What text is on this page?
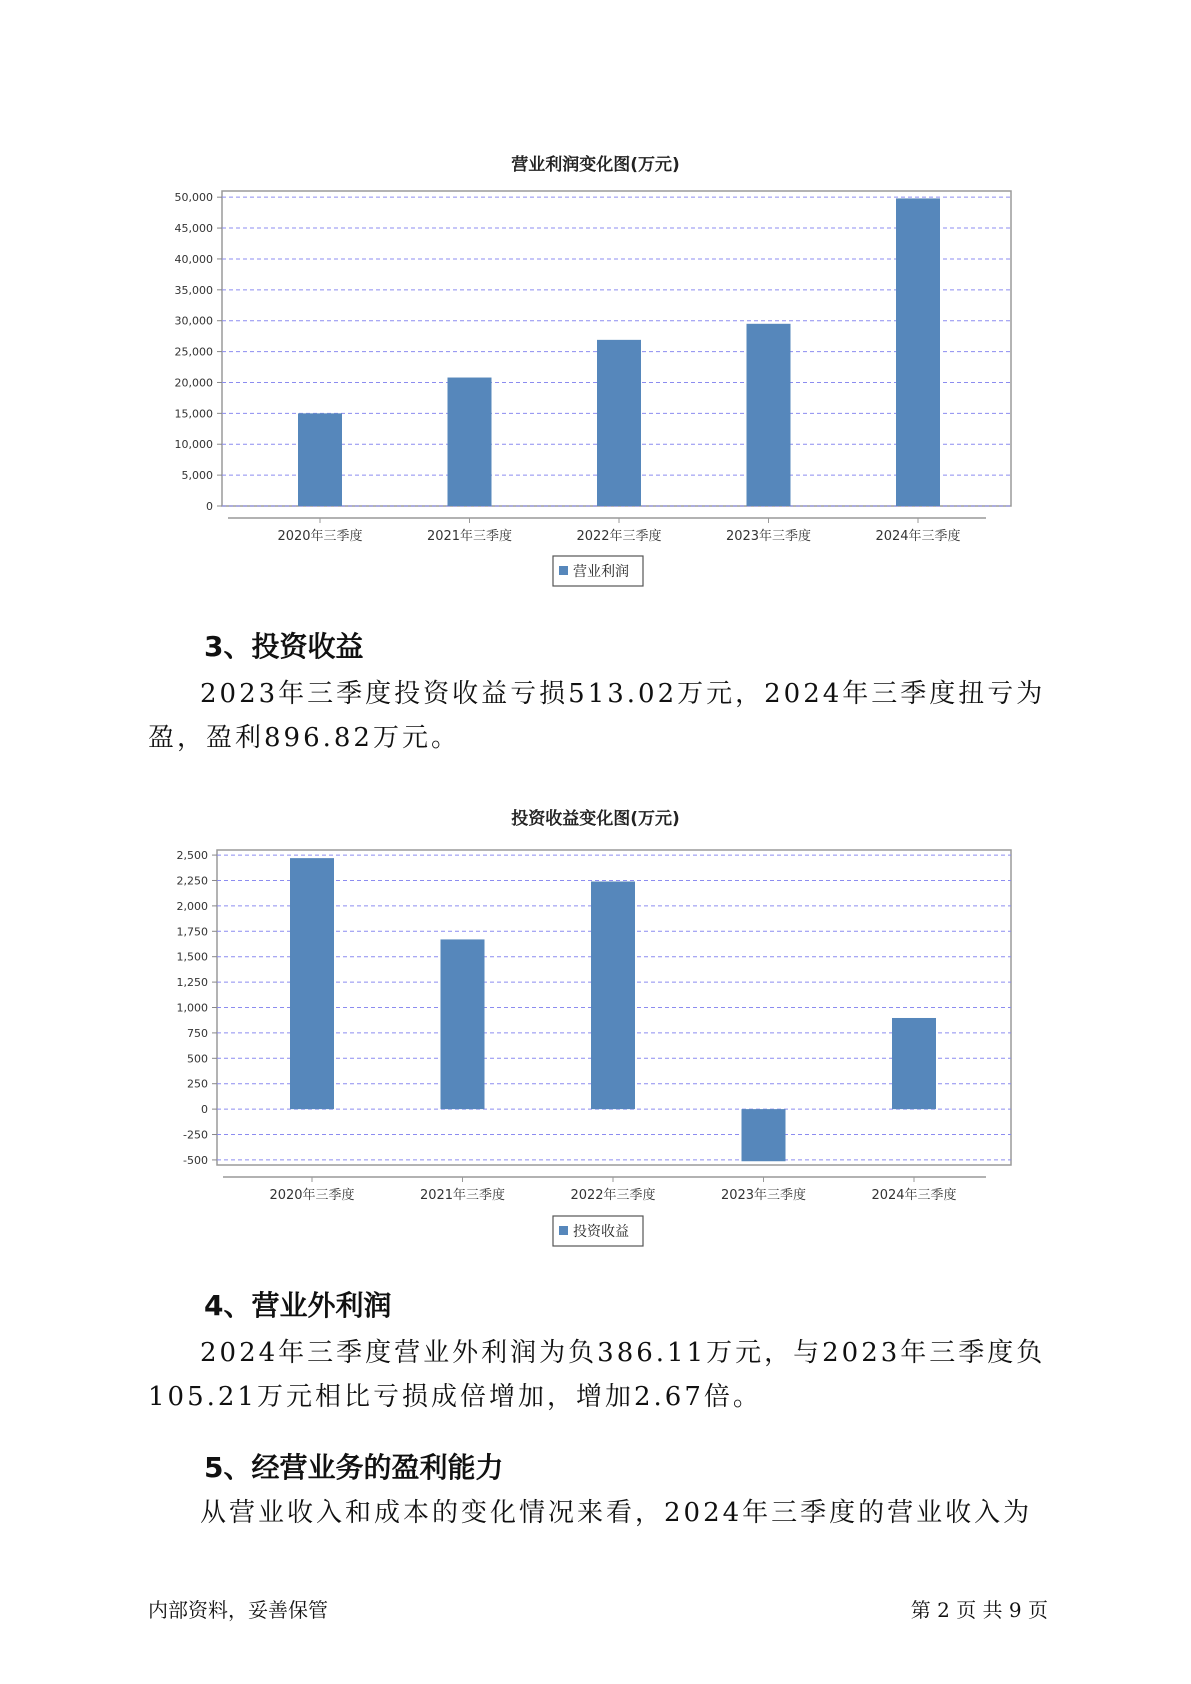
营业利润变化图(万元)
0
5,000
10,000
15,000
20,000
25,000
30,000
35,000
40,000
45,000
50,000
2020年三季度	2021年三季度	2022年三季度	2023年三季度	2024年三季度
营业利润
3、投资收益
2023年三季度投资收益亏损513.02万元，2024年三季度扭亏为盈，盈利896.82万元。
投资收益变化图(万元)
-500
-250
0
250
500
750
1,000
1,250
1,500
1,750
2,000
2,250
2,500
2020年三季度	2021年三季度	2022年三季度	2023年三季度	2024年三季度
投资收益
4、营业外利润
2024年三季度营业外利润为负386.11万元，与2023年三季度负105.21万元相比亏损成倍增加，增加2.67倍。
5、经营业务的盈利能力
从营业收入和成本的变化情况来看，2024年三季度的营业收入为
内部资料，妥善保管	第 2 页 共 9 页
